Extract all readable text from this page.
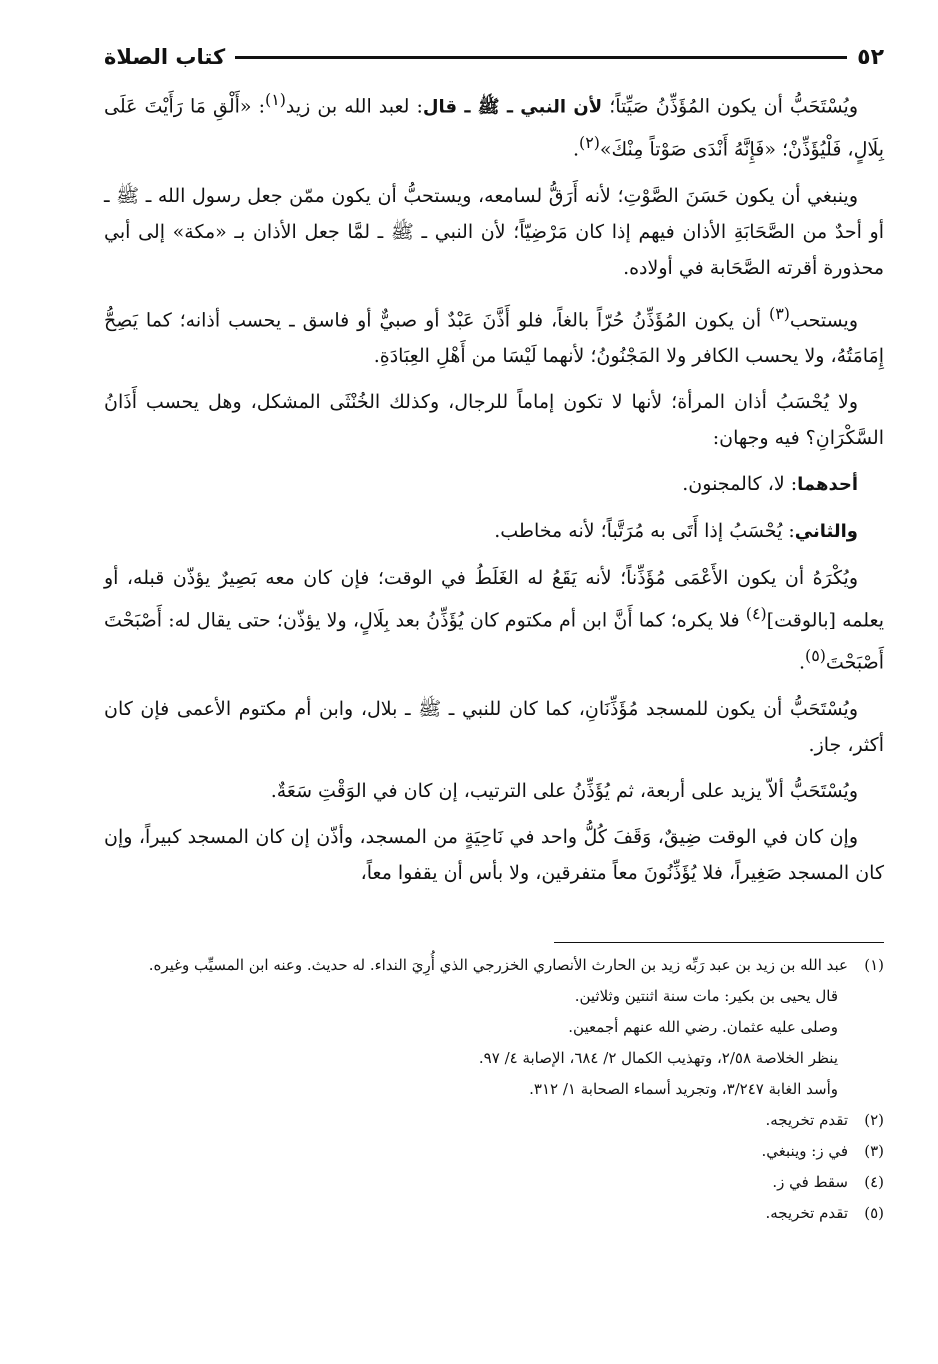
٥٢
كتاب الصلاة

ويُسْتَحَبُّ أن يكون المُؤَذِّنُ صَيِّتاً؛ لأن النبي ـ ﷺ ـ قال: لعبد الله بن زيد$^{(١)}$: «أَلْقِ مَا رَأَيْتَ عَلَى بِلَالٍ، فَلْيُؤَذِّنْ؛ «فَإِنَّهُ أَنْدَى صَوْتاً مِنْكَ»$^{(٢)}$.

وينبغي أن يكون حَسَنَ الصَّوْتِ؛ لأنه أَرَقُّ لسامعه، ويستحبُّ أن يكون ممّن جعل رسول الله ـ ﷺ ـ أو أحدٌ من الصَّحَابَةِ الأذان فيهم إذا كان مَرْضِيّاً؛ لأن النبي ـ ﷺ ـ لمَّا جعل الأذان بـ «مكة» إلى أبي محذورة أقرته الصَّحَابة في أولاده.

ويستحب$^{(٣)}$ أن يكون المُؤَذِّنُ حُرّاً بالغاً، فلو أَذَّنَ عَبْدٌ أو صبيٌّ أو فاسق ـ يحسب أذانه؛ كما يَصِحُّ إِمَامَتُهُ، ولا يحسب الكافر ولا المَجْنُونُ؛ لأنهما لَيْسَا من أَهْلِ العِبَادَةِ.

ولا يُحْسَبُ أذان المرأة؛ لأنها لا تكون إماماً للرجال، وكذلك الخُنْثَى المشكل، وهل يحسب أَذَانُ السَّكْرَانِ؟ فيه وجهان:

أحدهما: لا، كالمجنون.

والثاني: يُحْسَبُ إذا أَتَى به مُرَتَّباً؛ لأنه مخاطب.

ويُكْرَهُ أن يكون الأَعْمَى مُؤَذِّناً؛ لأنه يَقَعُ له الغَلَطُ في الوقت؛ فإن كان معه بَصِيرٌ يؤذّن قبله، أو يعلمه [بالوقت]$^{(٤)}$ فلا يكره؛ كما أَنَّ ابن أم مكتوم كان يُؤَذِّنُ بعد بِلَالٍ، ولا يؤذّن؛ حتى يقال له: أَصْبَحْتَ أَصْبَحْتَ$^{(٥)}$.

ويُسْتَحَبُّ أن يكون للمسجد مُؤَذِّنَانِ، كما كان للنبي ـ ﷺ ـ بلال، وابن أم مكتوم الأعمى فإن كان أكثر، جاز.

ويُسْتَحَبُّ ألاّ يزيد على أربعة، ثم يُؤَذِّنُ على الترتيب، إن كان في الوَقْتِ سَعَةٌ.

وإن كان في الوقت ضِيقٌ، وَقَفَ كُلُّ واحد في نَاحِيَةٍ من المسجد، وأذّن إن كان المسجد كبيراً، وإن كان المسجد صَغِيراً، فلا يُؤَذِّنُونَ معاً متفرقين، ولا بأس أن يقفوا معاً،

(١)
عبد الله بن زيد بن عبد رَبِّه زيد بن الحارث الأنصاري الخزرجي الذي أُرِيَ النداء. له حديث. وعنه ابن المسيِّب وغيره.
قال يحيى بن بكير: مات سنة اثنتين وثلاثين.
وصلى عليه عثمان. رضي الله عنهم أجمعين.
ينظر الخلاصة ٢/٥٨، وتهذيب الكمال ٢/ ٦٨٤، الإصابة ٤/ ٩٧.
وأسد الغابة ٣/٢٤٧، وتجريد أسماء الصحابة ١/ ٣١٢.
(٢)
تقدم تخريجه.
(٣)
في ز: وينبغي.
(٤)
سقط في ز.
(٥)
تقدم تخريجه.
